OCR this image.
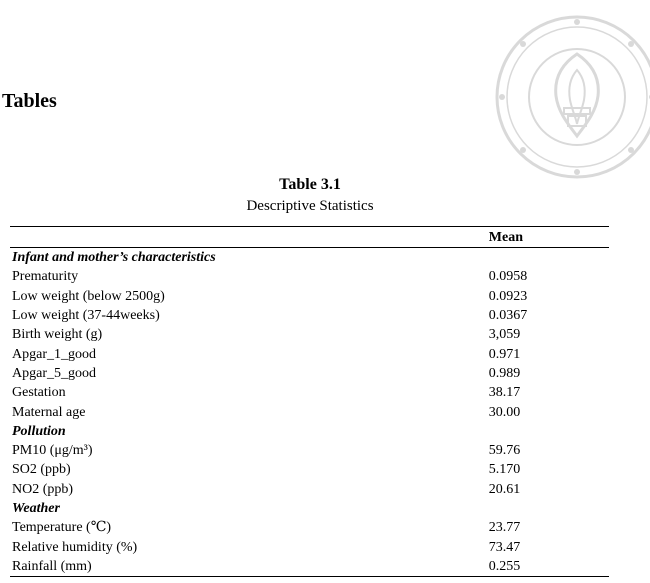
Tables

Table 3.1

Descriptive Statistics

	Mean
Infant and mother’s characteristics	
Prematurity	0.0958
Low weight (below 2500g)	0.0923
Low weight (37-44weeks)	0.0367
Birth weight (g)	3,059
Apgar_1_good	0.971
Apgar_5_good	0.989
Gestation	38.17
Maternal age	30.00
Pollution	
PM10 (μg/m³)	59.76
SO2 (ppb)	5.170
NO2 (ppb)	20.61
Weather	
Temperature (℃)	23.77
Relative humidity (%)	73.47
Rainfall (mm)	0.255
